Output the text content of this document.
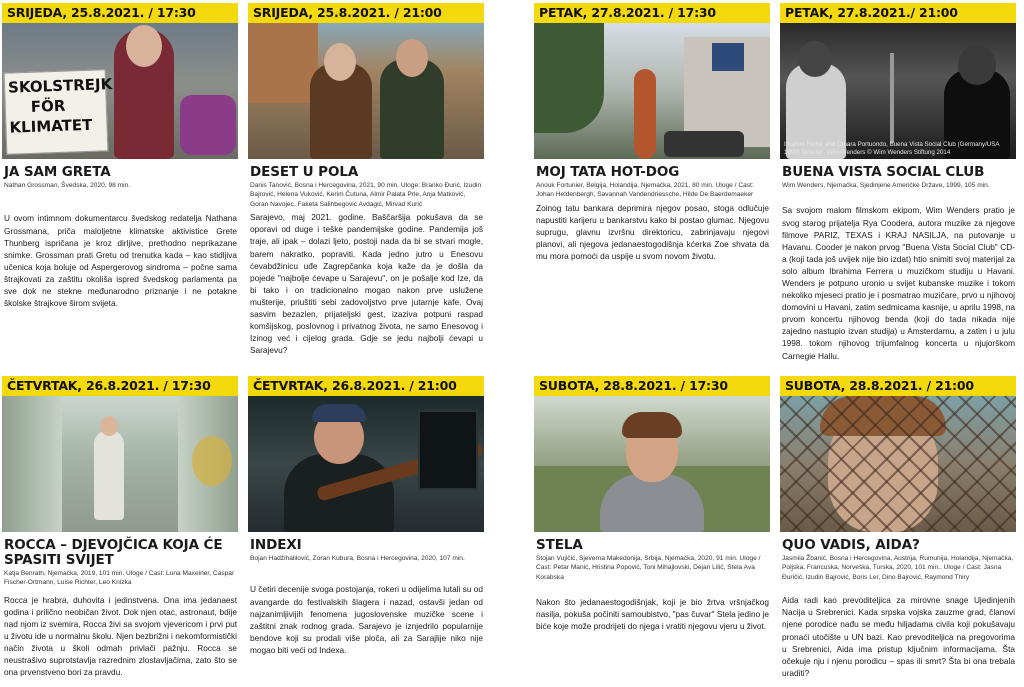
SRIJEDA, 25.8.2021. / 17:30
SKOLSTREJK
FÖR
KLIMATET
JA SAM GRETA
Nathan Grossman, Švedska, 2020, 98 min.
U ovom intimnom dokumentarcu švedskog redatelja Nathana Grossmana, priča maloljetne klimatske aktivistice Grete Thunberg ispričana je kroz dirljive, prethodno neprikazane snimke. Grossman prati Gretu od trenutka kada – kao stidljiva učenica koja boluje od Aspergerovog sindroma – počne sama štrajkovati za zaštitu okoliša ispred švedskog parlamenta pa sve dok ne stekne međunarodno priznanje i ne potakne školske štrajkove širom svijeta.
SRIJEDA, 25.8.2021. / 21:00
DESET U POLA
Danis Tanović, Bosna i Hercegovina, 2021, 90 min. Uloge: Branko Đurić, Izudin Bajrović, Helena Vuković, Kerim Čutuna, Almir Palata Prle, Anja Matković, Goran Navojec, Faketa Salihbegović Avdagić, Mirvad Kurić
Sarajevo, maj 2021. godine. Baščaršija pokušava da se oporavi od duge i teške pandemijske godine. Pandemija još traje, ali ipak – dolazi ljeto, postoji nada da bi se stvari mogle, barem nakratko, popraviti. Kada jedno jutro u Enesovu ćevabdžinicu uđe Zagrepčanka koja kaže da je došla da pojede "najbolje ćevape u Sarajevu", on je pošalje kod Ize, da bi tako i on tradicionalno mogao nakon prve usluženе mušterije, priuštiti sebi zadovoljstvo prve jutarnje kafe. Ovaj sasvim bezazlen, prijateljski gest, izaziva potpuni raspad komšijskog, poslovnog i privatnog života, ne samo Enesovog i Izinog već i cijelog grada. Gdje se jedu najbolji ćevapi u Sarajevu?
PETAK, 27.8.2021. / 17:30
MOJ TATA HOT-DOG
Anouk Fortunier, Belgija, Holandija, Njemačka, 2021, 80 min. Uloge / Cast: Johan Heldenbergh, Savannah Vandendriessche, Hilde De Baerdemaeker
Zoinog tatu bankara deprimira njegov posao, stoga odlučuje napustiti karijeru u bankarstvu kako bi postao glumac. Njegovu suprugu, glavnu izvršnu direktoricu, zabrinjavaju njegovi planovi, ali njegova jedanaestogodišnja kćerka Zoe shvata da mu mora pomoći da uspije u svom novom životu.
PETAK, 27.8.2021./ 21:00
Ibrahim Ferrer and Omara Portuondo, Buena Vista Social Club (Germany/USA 1999) Director: Wim Wenders © Wim Wenders Stiftung 2014
BUENA VISTA SOCIAL CLUB
Wim Wenders, Njemačka, Sjedinjene Američke Države, 1999, 105 min.
Sa svojom malom filmskom ekipom, Wim Wenders pratio je svog starog prijatelja Rya Coodera, autora muzike za njegove filmove PARIZ, TEXAS i KRAJ NASILJA, na putovanje u Havanu. Cooder je nakon prvog "Buena Vista Social Club" CD-a (koji tada još uvijek nije bio izdat) htio snimiti svoj materijal za solo album Ibrahima Ferrera u muzičkom studiju u Havani. Wenders je potpuno uronio u svijet kubanske muzike i tokom nekoliko mjeseci pratio je i posmatrao muzičare, prvo u njihovoj domovini u Havani, zatim sedmicama kasnije, u aprilu 1998, na prvom koncertu njihovog benda (koji do tada nikada nije zajedno nastupio izvan studija) u Amsterdamu, a zatim i u julu 1998. tokom njihovog trijumfalnog koncerta u njujorškom Carnegie Hallu.
ČETVRTAK, 26.8.2021. / 17:30
ROCCA – DJEVOJČICA KOJA ĆE SPASITI SVIJET
Katja Benrath, Njemačka, 2019, 101 min. Uloge / Cast: Luna Maxeiner, Caspar Fischer-Ortmann, Luise Richter, Leo Knizka
Rocca je hrabra, duhovita i jedinstvena. Ona ima jedanaest godina i prilično neobičan život. Dok njen otac, astronaut, bdije nad njom iz svemira, Rocca živi sa svojom vjevericom i prvi put u životu ide u normalnu školu. Njen bezbrižni i nekomformistički način života u školi odmah privlači pažnju. Rocca se neustrašivo suprotstavlja razrednim zlostavljačima, zato što se ona prvenstveno bori za pravdu.
ČETVRTAK, 26.8.2021. / 21:00
INDEXI
Bojan Hadžihalilović, Zoran Kubura, Bosna i Hercegovina, 2020, 107 min.
U četiri decenije svoga postojanja, rokeri u odijelima lutali su od avangarde do festivalskih šlagera i nazad, ostavši jedan od najzanimljivijih fenomena jugoslovenske muzičke scene i zaštitni znak rodnog grada. Sarajevo je iznjedrilo popularnije bendove koji su prodali više ploča, ali za Sarajlije niko nije mogao biti veći od Indexa.
SUBOTA, 28.8.2021. / 17:30
STELA
Stojan Vujičić, Sjeverna Makedonija, Srbija, Njemačka, 2020, 91 min. Uloge / Cast: Petar Manić, Hristina Popović, Toni Mihajlovski, Dejan Lilić, Stela Ava Korabska
Nakon što jedanaestogodišnjak, koji je bio žrtva vršnjačkog nasilja, pokuša počiniti samoubistvo, "pas čuvar" Stela jedino je biće koje može prodrijeti do njega i vratiti njegovu vjeru u život.
SUBOTA, 28.8.2021. / 21:00
QUO VADIS, AIDA?
Jasmila Žbanić, Bosna i Hercegovina, Austrija, Rumunija, Holandija, Njemačka, Poljska, Francuska, Norveška, Turska, 2020, 101 min.. Uloge / Cast: Jasna Đuričić, Izudin Bajrović, Boris Ler, Dino Bajrović, Raymond Thiry
Aida radi kao prevoditeljica za mirovne snage Ujedinjenih Nacija u Srebrenici. Kada srpska vojska zauzme grad, članovi njene porodice nađu se među hiljadama civila koji pokušavaju pronaći utočište u UN bazi. Kao prevoditeljica na pregovorima u Srebrenici, Aida ima pristup ključnim informacijama. Šta očekuje nju i njenu porodicu – spas ili smrt? Šta bi ona trebala uraditi?
